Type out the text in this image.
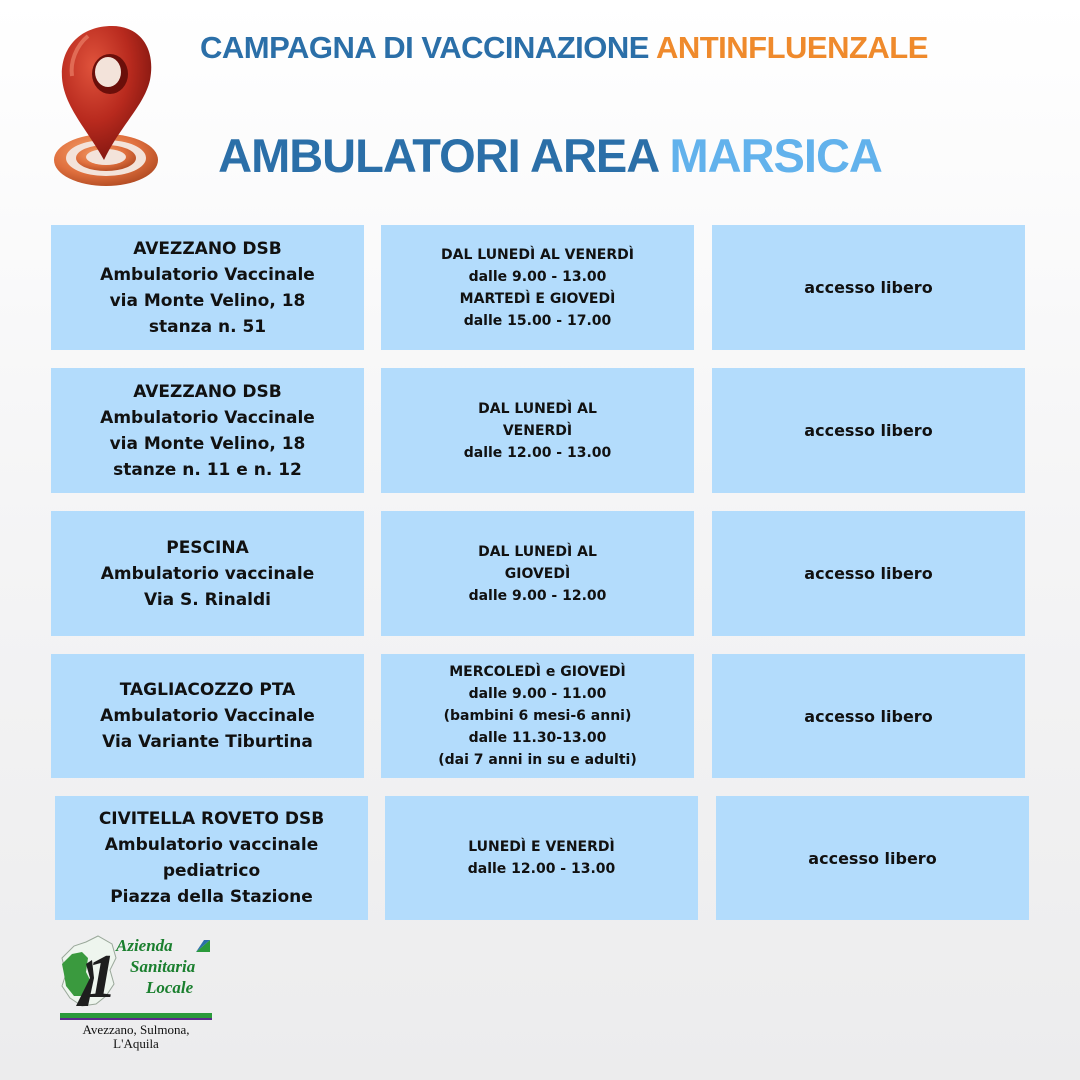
CAMPAGNA DI VACCINAZIONE ANTINFLUENZALE
AMBULATORI AREA MARSICA
AVEZZANO DSB
Ambulatorio Vaccinale
via Monte Velino, 18
stanza n. 51
DAL LUNEDÌ AL VENERDÌ
dalle 9.00 - 13.00
MARTEDÌ E GIOVEDÌ
dalle 15.00 - 17.00
accesso libero
AVEZZANO DSB
Ambulatorio Vaccinale
via Monte Velino, 18
stanze n. 11 e n. 12
DAL LUNEDÌ AL
VENERDÌ
dalle 12.00 - 13.00
accesso libero
PESCINA
Ambulatorio vaccinale
Via S. Rinaldi
DAL LUNEDÌ AL
GIOVEDÌ
dalle 9.00 - 12.00
accesso libero
TAGLIACOZZO PTA
Ambulatorio Vaccinale
Via Variante Tiburtina
MERCOLEDÌ e GIOVEDÌ
dalle 9.00 - 11.00
(bambini 6 mesi-6 anni)
dalle 11.30-13.00
(dai 7 anni in su e adulti)
accesso libero
CIVITELLA ROVETO DSB
Ambulatorio vaccinale
pediatrico
Piazza della Stazione
LUNEDÌ E VENERDÌ
dalle 12.00 - 13.00
accesso libero
Azienda
Sanitaria
Locale
1
Avezzano, Sulmona,
L'Aquila
